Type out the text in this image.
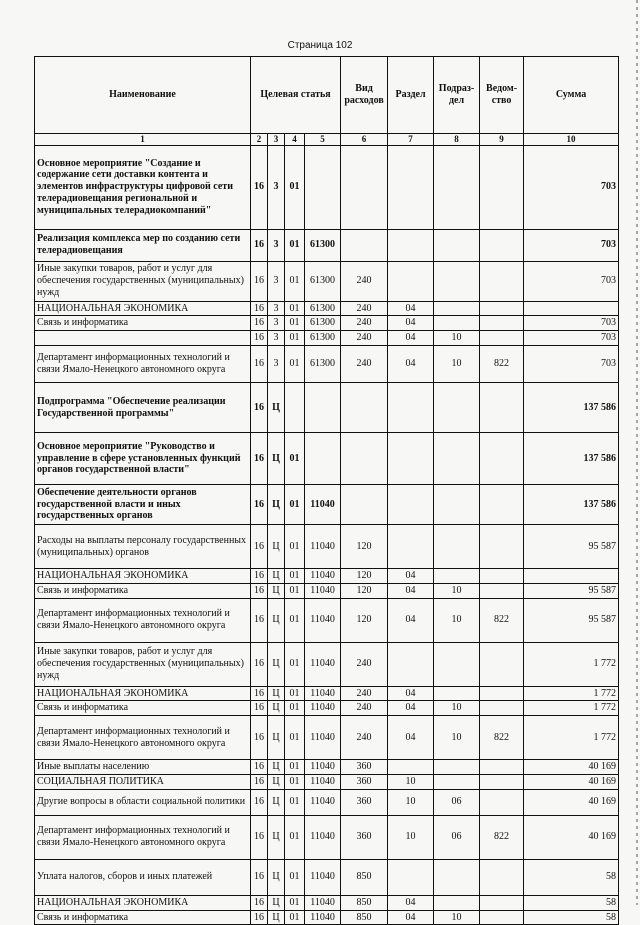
Страница 102
Наименование	Целевая статья				Вид расходов	Раздел	Подраз-дел	Ведом-ство	Сумма
1	2	3	4	5	6	7	8	9	10
Основное мероприятие "Создание и содержание сети доставки контента и элементов инфраструктуры цифровой сети телерадиовещания региональной и муниципальных телерадиокомпаний"	16	3	01						703
Реализация комплекса мер по созданию сети телерадиовещания	16	3	01	61300					703
Иные закупки товаров, работ и услуг для обеспечения государственных (муниципальных) нужд	16	3	01	61300	240				703
НАЦИОНАЛЬНАЯ ЭКОНОМИКА	16	3	01	61300	240	04			
Связь и информатика	16	3	01	61300	240	04			703
	16	3	01	61300	240	04	10		703
Департамент информационных технологий и связи Ямало-Ненецкого автономного округа	16	3	01	61300	240	04	10	822	703
Подпрограмма "Обеспечение реализации Государственной программы"	16	Ц							137 586
Основное мероприятие "Руководство и управление в сфере установленных функций органов государственной власти"	16	Ц	01						137 586
Обеспечение деятельности органов государственной власти и иных государственных органов	16	Ц	01	11040					137 586
Расходы на выплаты персоналу государственных (муниципальных) органов	16	Ц	01	11040	120				95 587
НАЦИОНАЛЬНАЯ ЭКОНОМИКА	16	Ц	01	11040	120	04			
Связь и информатика	16	Ц	01	11040	120	04	10		95 587
Департамент информационных технологий и связи Ямало-Ненецкого автономного округа	16	Ц	01	11040	120	04	10	822	95 587
Иные закупки товаров, работ и услуг для обеспечения государственных (муниципальных) нужд	16	Ц	01	11040	240				1 772
НАЦИОНАЛЬНАЯ ЭКОНОМИКА	16	Ц	01	11040	240	04			1 772
Связь и информатика	16	Ц	01	11040	240	04	10		1 772
Департамент информационных технологий и связи Ямало-Ненецкого автономного округа	16	Ц	01	11040	240	04	10	822	1 772
Иные выплаты населению	16	Ц	01	11040	360				40 169
СОЦИАЛЬНАЯ ПОЛИТИКА	16	Ц	01	11040	360	10			40 169
Другие вопросы в области социальной политики	16	Ц	01	11040	360	10	06		40 169
Департамент информационных технологий и связи Ямало-Ненецкого автономного округа	16	Ц	01	11040	360	10	06	822	40 169
Уплата налогов, сборов и иных платежей	16	Ц	01	11040	850				58
НАЦИОНАЛЬНАЯ ЭКОНОМИКА	16	Ц	01	11040	850	04			58
Связь и информатика	16	Ц	01	11040	850	04	10		58
